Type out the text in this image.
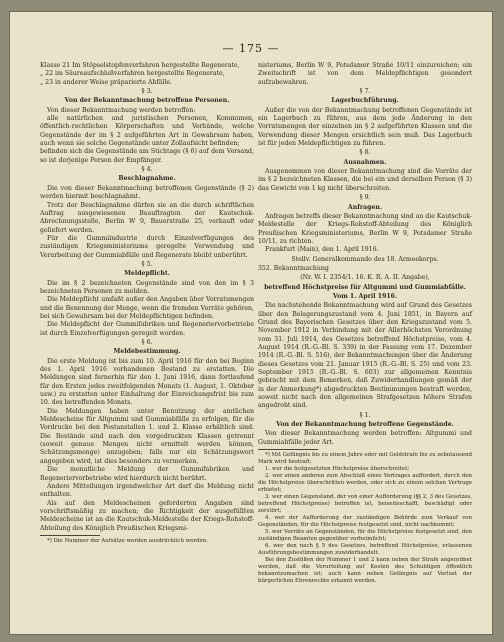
— 175 —

Klasse 21 Im Stöpselstopfenverfahren hergestellte Regenerate,

„ 22 im Säureaufschlußverfahren hergestellte Regenerate,

„ 23 in anderer Weise präparierte Abfälle.

§ 3.

Von der Bekanntmachung betroffene Personen.

Von dieser Bekanntmachung werden betroffen:

alle natürlichen und juristischen Personen, Kommunen, öffentlich-rechtlichen Körperschaften und Verbände, welche Gegenstände der im § 2 aufgeführten Art in Gewahrsam haben, auch wenn sie solche Gegenstände unter Zollaufsicht befinden;

befinden sich die Gegenstände am Stichtage (§ 6) auf dem Versand, so ist derjenige Person der Empfänger.

§ 4.

Beschlagnahme.

Die von dieser Bekanntmachung betroffenen Gegenstände (§ 2) werden hiermit beschlagnahmt.

Trotz der Beschlagnahme dürfen sie an die durch schriftlichen Auftrag ausgewiesenen Beauftragten der Kautschuk-Abrechnungsstelle, Berlin W 9, Bauerstraße 25, verkauft oder geliefert werden.

Für die Gummiindustrie durch Einzelverfügungen des zuständigen Kriegsministeriums geregelte Verwendung und Verarbeitung der Gummiabfälle und Regenerate bleibt unberührt.

§ 5.

Meldepflicht.

Die im § 2 bezeichneten Gegenstände sind von den im § 3 bezeichneten Personen zu melden.

Die Meldepflicht umfaßt außer den Angaben über Vorratsmengen und die Benennung der Menge, wenn die fremden Vorräte gehören, bei sich Gewahrsam bei der Meldepflichtigen befinden.

Die Meldepflicht der Gummifabriken und Regeneriervorbetriebe ist durch Einzelverfügungen geregelt worden.

§ 6.

Meldebestimmung.

Die erste Meldung ist bis zum 10. April 1916 für den bei Beginn des 1. April 1916 vorhandenen Bestand zu erstatten. Die Meldungen sind fernerhin für den 1. Juni 1916, dann fortlaufend für den Ersten jedes zweitfolgenden Monats (1. August, 1. Oktober usw.) zu erstatten unter Einhaltung der Einreichungsfrist bis zum 10. des betreffenden Monats.

Die Meldungen haben unter Benutzung der amtlichen Meldescheine für Altgummi und Gummiabfälle zu erfolgen, für die Vordrucke bei den Postanstalten 1. und 2. Klasse erhältlich sind. Die Bestände sind nach den vorgedruckten Klassen getrennt (soweit genaue Mengen nicht ermittelt werden können, Schätzungsmenge) anzugeben; falls nur ein Schätzungswert angegeben wird, ist dies besonders zu vermerken.

Die monatliche Meldung der Gummifabriken und Regeneriervorbetriebe wird hierdurch nicht berührt.

Andere Mitteilungen irgendwelcher Art darf die Meldung nicht enthalten.

Als auf den Meldescheinen geforderten Angaben sind vorschriftsmäßig zu machen; die Richtigkeit der ausgefüllten Meldescheine ist an die Kautschuk-Meldestelle der Kriegs-Rohstoff-Abteilung des Königlich Preußischen Kriegsmi-

*) Die Nummer der Aufsätze werden ausdrücklich werden.

nisteriums, Berlin W 9, Potsdamer Straße 10/11 einzureichen; ein Zweitschrift ist von dem Meldepflichtigen gesondert aufzubewahren.

§ 7.

Lagerbuchführung.

Außer die von der Bekanntmachung betroffenen Gegenstände ist ein Lagerbuch zu führen, aus dem jede Änderung in den Vorratsmengen der einzelnen im § 2 aufgeführten Klassen und die Verwendung dieser Mengen ersichtlich sein muß. Das Lagerbuch ist für jeden Meldepflichtigen zu führen.

§ 8.

Ausnahmen.

Ausgenommen von dieser Bekanntmachung sind die Vorräte der im § 2 bezeichneten Klassen, die bei ein und derselben Person (§ 3) das Gewicht von 1 kg nicht überschreiten.

§ 9.

Anfragen.

Anfragen betreffs dieser Bekanntmachung sind an die Kautschuk-Meldestelle der Kriegs-Rohstoff-Abteilung des Königlich Preußischen Kriegsministeriums, Berlin W 9, Potsdamer Straße 10/11, zu richten.

Frankfurt (Main), den 1. April 1916.

Stellv. Generalkommando des 18. Armeekorps.

352. Bekanntmachung

(Nr. W. I. 2354/1. 16. K. R. A. II. Angabe),

betreffend Höchstpreise für Altgummi und Gummiabfälle.

Vom 1. April 1916.

Die nachstehende Bekanntmachung wird auf Grund des Gesetzes über den Belagerungszustand vom 4. Juni 1851, in Bayern auf Grund des Bayerischen Gesetzes über den Kriegszustand vom 5. November 1912 in Verbindung mit der Allerhöchsten Verordnung vom 31. Juli 1914, des Gesetzes betreffend Höchstpreise, vom 4. August 1914 (R.-G.-Bl. S. 339) in der Fassung vom 17. Dezember 1914 (R.-G.-Bl. S. 516), der Bekanntmachungen über die Änderung dieses Gesetzes vom 21. Januar 1915 (R.-G.-Bl. S. 25) und vom 23. September 1915 (R.-G.-Bl. S. 603) zur allgemeinen Kenntnis gebracht mit dem Bemerken, daß Zuwiderhandlungen gemäß der in der Anmerkung*) abgedruckten Bestimmungen bestraft werden, soweit nicht nach den allgemeinen Strafgesetzen höhere Strafen angedroht sind.

§ 1.

Von der Bekanntmachung betroffene Gegenstände.

Von dieser Bekanntmachung werden betroffen: Altgummi und Gummiabfälle jeder Art.

*) Mit Gefängnis bis zu einem Jahre oder mit Geldstrafe bis zu zehntausend Mark wird bestraft:

1. wer die festgesetzten Höchstpreise überschreitet;

2. wer einen anderen zum Abschluß eines Vertrages auffordert, durch den die Höchstpreise überschritten werden, oder sich zu einem solchen Vertrage erbietet;

3. wer einen Gegenstand, der von einer Aufforderung (§§ 2, 3 des Gesetzes, betreffend Höchstpreise) betroffen ist, beiseiteschafft, beschädigt oder zerstört;

4. wer der Aufforderung der zuständigen Behörde zum Verkauf von Gegenständen, für die Höchstpreise festgesetzt sind, nicht nachkommt;

5. wer Vorräte an Gegenständen, für die Höchstpreise festgesetzt sind, den zuständigen Beamten gegenüber verheimlicht;

6. wer den nach § 5 des Gesetzes, betreffend Höchstpreise, erlassenen Ausführungsbestimmungen zuwiderhandelt.

Bei den Zustößen der Nummer 1 und 2 kann neben der Strafe angeordnet werden, daß die Verurteilung auf Kosten des Schuldigen öffentlich bekanntzumachen ist; auch kann neben Gefängnis auf Verlust der bürgerlichen Ehrenrechte erkannt werden.
